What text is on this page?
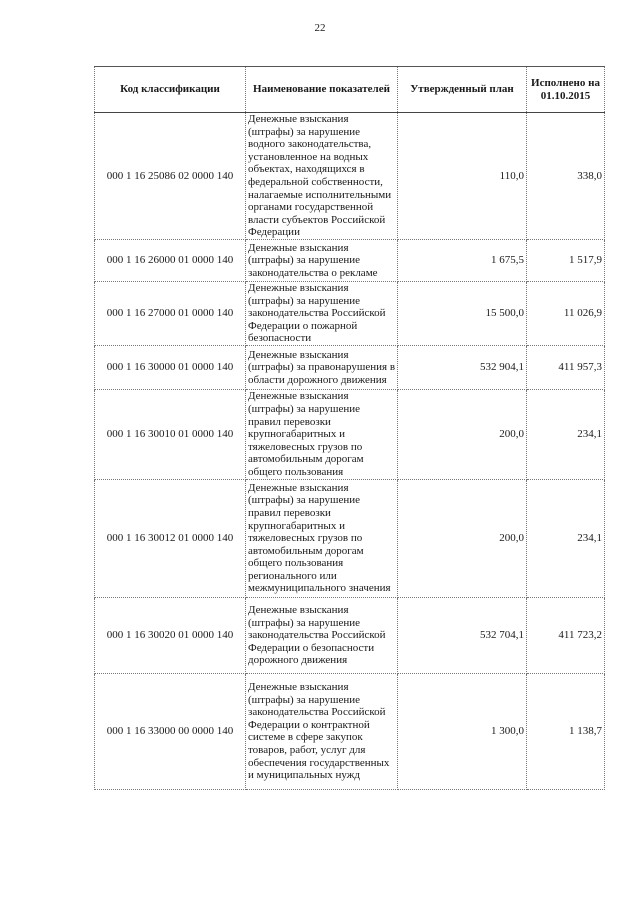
22
Код классификации	Наименование показателей	Утвержденный план	Исполнено на 01.10.2015
000 1 16 25086 02 0000 140	Денежные взыскания (штрафы) за нарушение водного законодательства, установленное на водных объектах, находящихся в федеральной собственности, налагаемые исполнительными органами государственной власти субъектов Российской Федерации	110,0	338,0
000 1 16 26000 01 0000 140	Денежные взыскания (штрафы) за нарушение законодательства о рекламе	1 675,5	1 517,9
000 1 16 27000 01 0000 140	Денежные взыскания (штрафы) за нарушение законодательства Российской Федерации о пожарной безопасности	15 500,0	11 026,9
000 1 16 30000 01 0000 140	Денежные взыскания (штрафы) за правонарушения в области дорожного движения	532 904,1	411 957,3
000 1 16 30010 01 0000 140	Денежные взыскания (штрафы) за нарушение правил перевозки крупногабаритных и тяжеловесных грузов по автомобильным дорогам общего пользования	200,0	234,1
000 1 16 30012 01 0000 140	Денежные взыскания (штрафы) за нарушение правил перевозки крупногабаритных и тяжеловесных грузов по автомобильным дорогам общего пользования регионального или межмуниципального значения	200,0	234,1
000 1 16 30020 01 0000 140	Денежные взыскания (штрафы) за нарушение законодательства Российской Федерации о безопасности дорожного движения	532 704,1	411 723,2
000 1 16 33000 00 0000 140	Денежные взыскания (штрафы) за нарушение законодательства Российской Федерации о контрактной системе в сфере закупок товаров, работ, услуг для обеспечения государственных и муниципальных нужд	1 300,0	1 138,7
